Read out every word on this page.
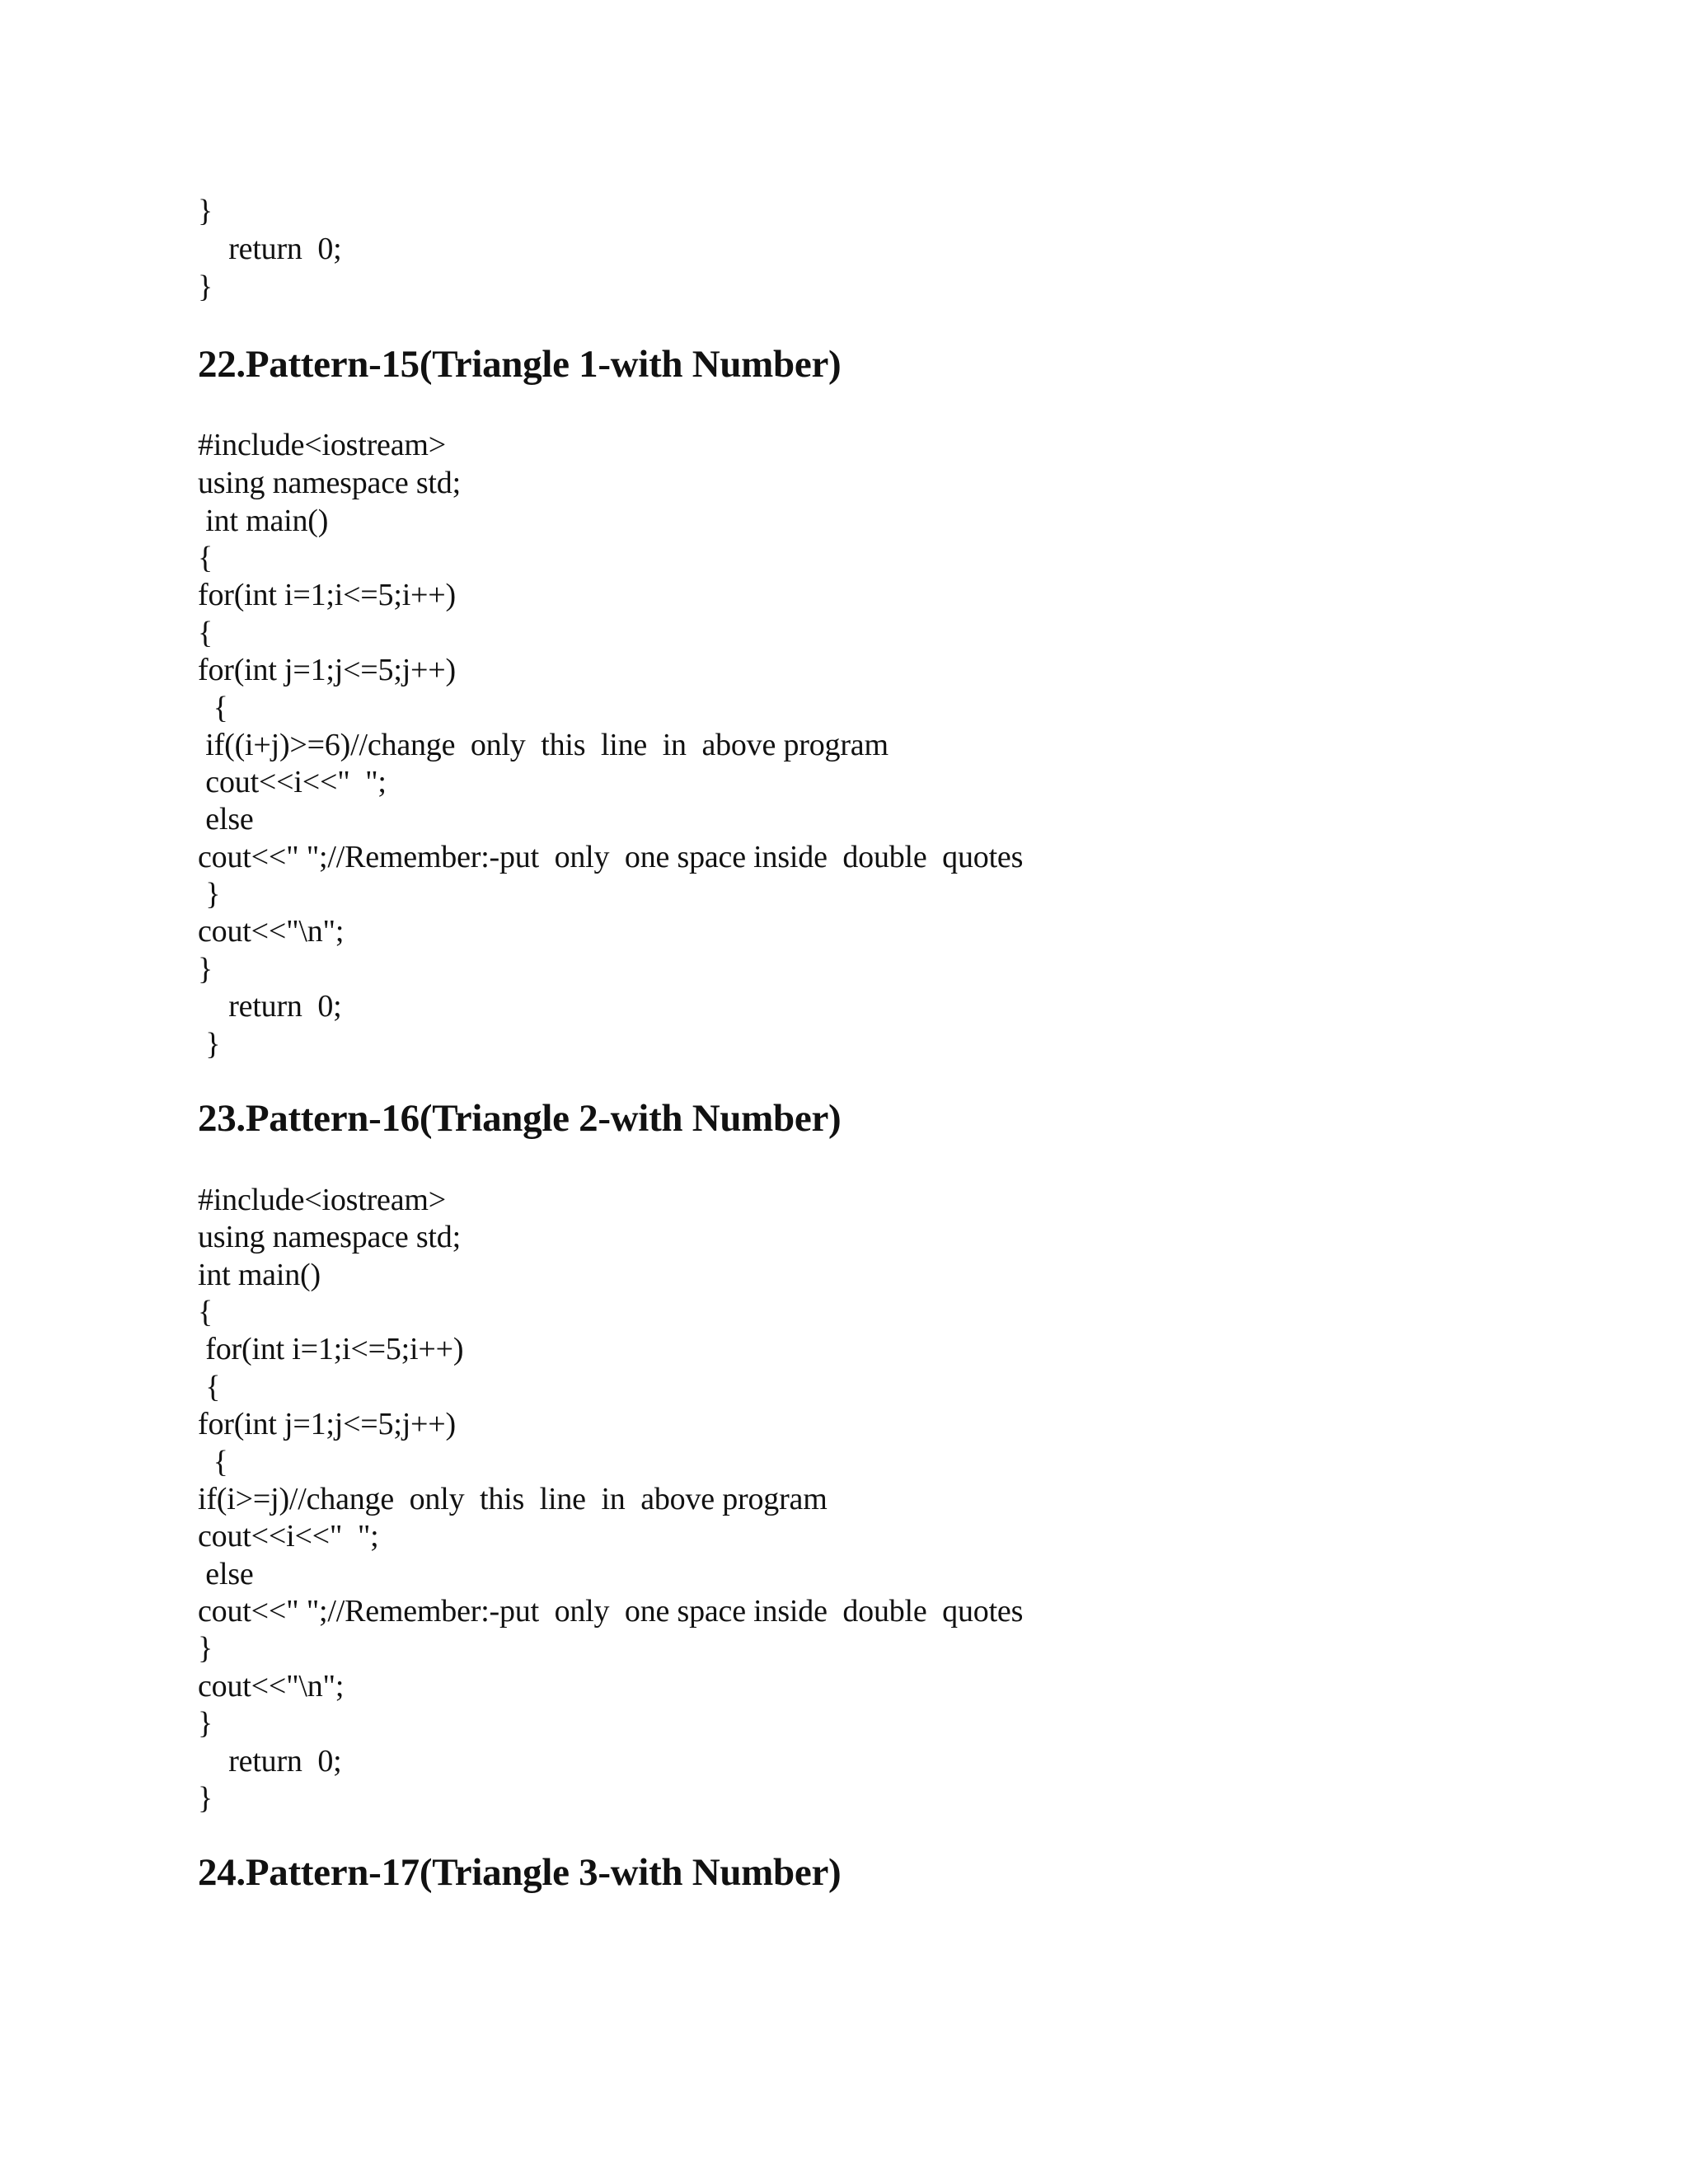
}
return  0;
}
22.Pattern-15(Triangle 1-with Number)
#include<iostream>
using namespace std;
int main()
{
for(int i=1;i<=5;i++)
{
for(int j=1;j<=5;j++)
{
if((i+j)>=6)//change  only  this  line  in  above program
cout<<i<<"  ";
else
cout<<" ";//Remember:-put  only  one space inside  double  quotes
}
cout<<"\n";
}
return  0;
}
23.Pattern-16(Triangle 2-with Number)
#include<iostream>
using namespace std;
int main()
{
for(int i=1;i<=5;i++)
{
for(int j=1;j<=5;j++)
{
if(i>=j)//change  only  this  line  in  above program
cout<<i<<"  ";
else
cout<<" ";//Remember:-put  only  one space inside  double  quotes
}
cout<<"\n";
}
return  0;
}
24.Pattern-17(Triangle 3-with Number)
